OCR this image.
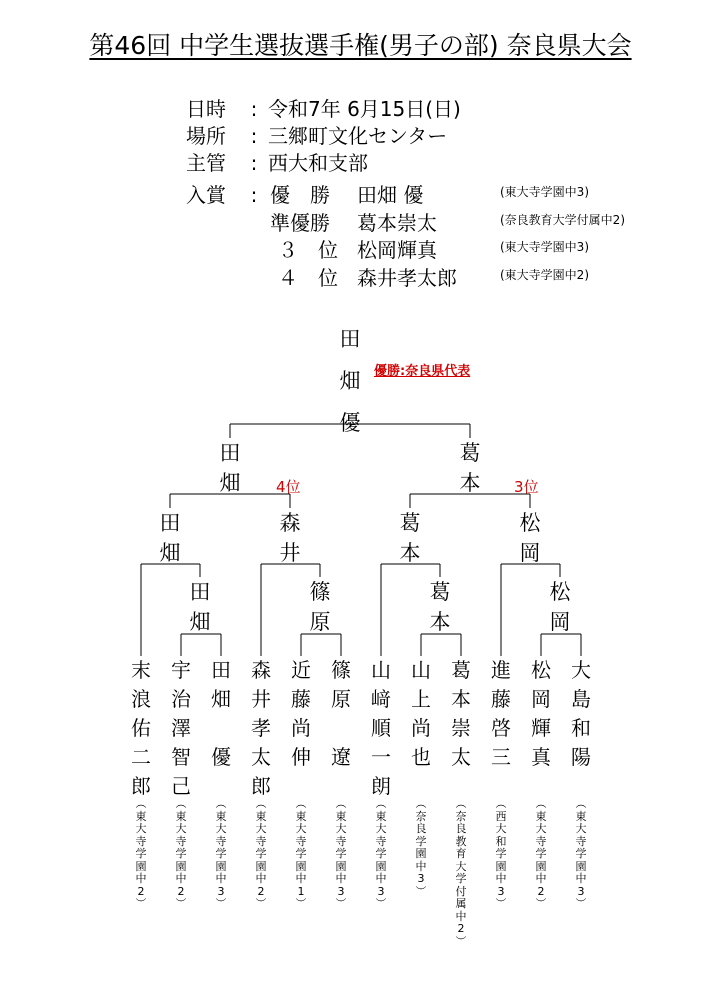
第46回 中学生選抜選手権(男子の部) 奈良県大会
日時 : 令和7年 6月15日(日)
場所 : 三郷町文化センター
主管 : 西大和支部
入賞 : 優　勝 田畑 優	(東大寺学園中3)
準優勝 葛本崇太	(奈良教育大学付属中2)
３　位 松岡輝真	(東大寺学園中3)
４　位 森井孝太郎	(東大寺学園中2)
田
畑
優
優勝:奈良県代表
田
畑
葛
本
田
畑
森
井
葛
本
松
岡
田
畑
篠
原
葛
本
松
岡
4位	3位
末
浪
佑
二
郎
︵
東
大
寺
学
園
中
2
︶
宇
治
澤
智
己
︵
東
大
寺
学
園
中
2
︶
田
畑

優
︵
東
大
寺
学
園
中
3
︶
森
井
孝
太
郎
︵
東
大
寺
学
園
中
2
︶
近
藤
尚
伸
︵
東
大
寺
学
園
中
1
︶
篠
原

遼
︵
東
大
寺
学
園
中
3
︶
山
﨑
順
一
朗
︵
東
大
寺
学
園
中
3
︶
山
上
尚
也
︵
奈
良
学
園
中
3
︶
葛
本
崇
太
︵
奈
良
教
育
大
学
付
属
中
2
︶
進
藤
啓
三
︵
西
大
和
学
園
中
3
︶
松
岡
輝
真
︵
東
大
寺
学
園
中
2
︶
大
島
和
陽
︵
東
大
寺
学
園
中
3
︶
